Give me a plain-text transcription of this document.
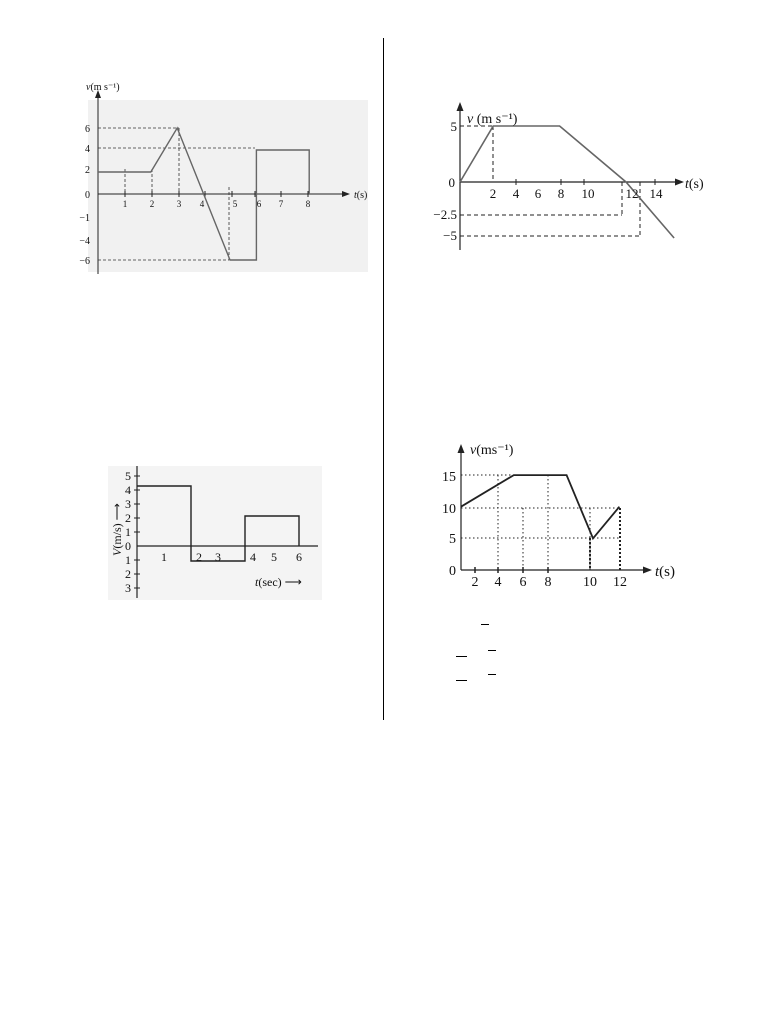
v(m s⁻¹)
t(s)
6
4
2
0
−1
−4
−6
1	2	3 4	5 6 7	8
v (m s⁻¹)
t(s)
5
0
−2.5
−5
2 4 6 8 10 12 14
V(m/s) ⟶
t(sec) ⟶
5
4
3
2
1
0
1
2
3
1 2 3 4 5 6
v(ms⁻¹)
t(s)
15
10
5
0
2 4 6 8 10 12
